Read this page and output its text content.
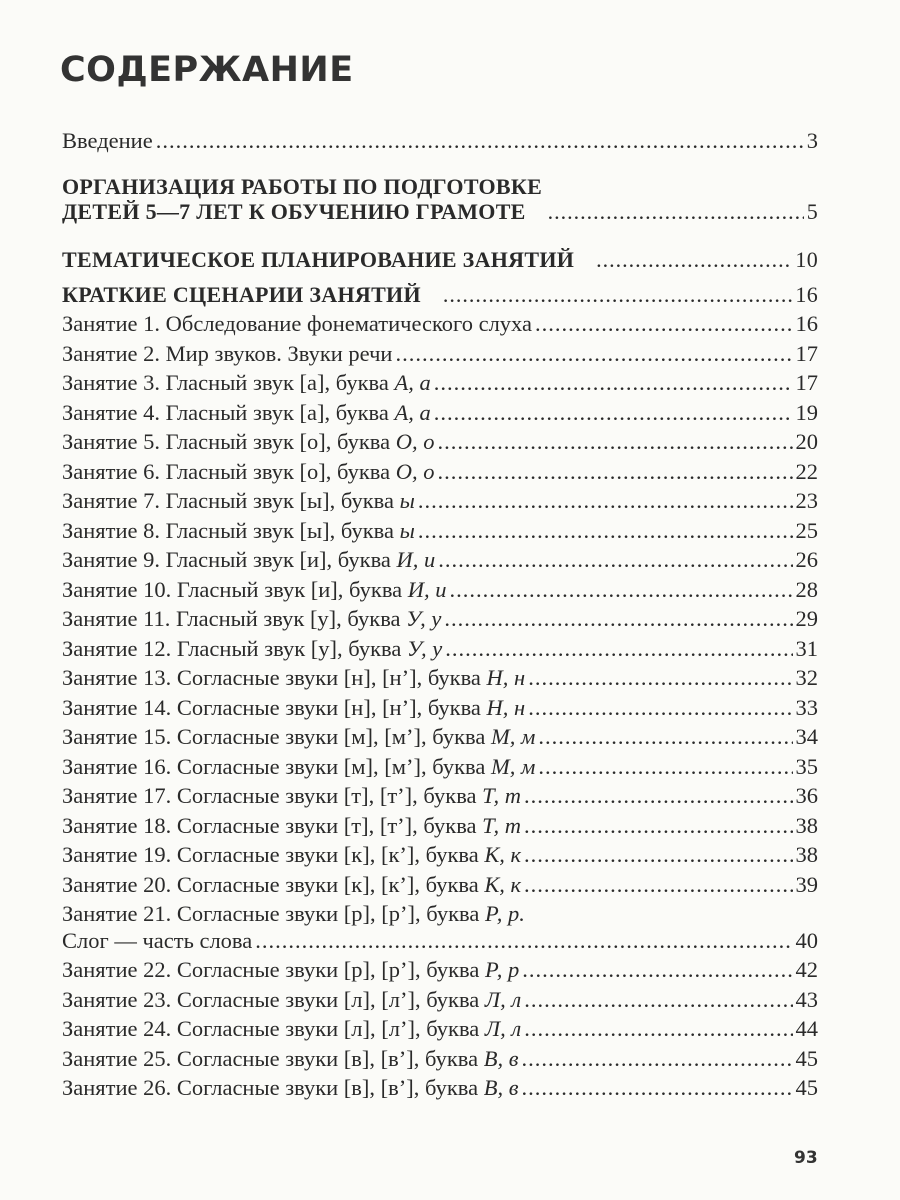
СОДЕРЖАНИЕ
Введение .....	3
ОРГАНИЗАЦИЯ РАБОТЫ ПО ПОДГОТОВКЕ
ДЕТЕЙ 5—7 ЛЕТ К ОБУЧЕНИЮ ГРАМОТЕ .....	5
ТЕМАТИЧЕСКОЕ ПЛАНИРОВАНИЕ ЗАНЯТИЙ .....	10
КРАТКИЕ СЦЕНАРИИ ЗАНЯТИЙ .....	16
Занятие 1. Обследование фонематического слуха .....	16
Занятие 2. Мир звуков. Звуки речи .....	17
Занятие 3. Гласный звук [а], буква А, а .....	17
Занятие 4. Гласный звук [а], буква А, а .....	19
Занятие 5. Гласный звук [о], буква О, о .....	20
Занятие 6. Гласный звук [о], буква О, о .....	22
Занятие 7. Гласный звук [ы], буква ы .....	23
Занятие 8. Гласный звук [ы], буква ы .....	25
Занятие 9. Гласный звук [и], буква И, и .....	26
Занятие 10. Гласный звук [и], буква И, и .....	28
Занятие 11. Гласный звук [у], буква У, у .....	29
Занятие 12. Гласный звук [у], буква У, у .....	31
Занятие 13. Согласные звуки [н], [н’], буква Н, н .....	32
Занятие 14. Согласные звуки [н], [н’], буква Н, н .....	33
Занятие 15. Согласные звуки [м], [м’], буква М, м .....	34
Занятие 16. Согласные звуки [м], [м’], буква М, м .....	35
Занятие 17. Согласные звуки [т], [т’], буква Т, т .....	36
Занятие 18. Согласные звуки [т], [т’], буква Т, т .....	38
Занятие 19. Согласные звуки [к], [к’], буква К, к .....	38
Занятие 20. Согласные звуки [к], [к’], буква К, к .....	39
Занятие 21. Согласные звуки [р], [р’], буква Р, р.
Слог — часть слова .....	40
Занятие 22. Согласные звуки [р], [р’], буква Р, р .....	42
Занятие 23. Согласные звуки [л], [л’], буква Л, л .....	43
Занятие 24. Согласные звуки [л], [л’], буква Л, л .....	44
Занятие 25. Согласные звуки [в], [в’], буква В, в .....	45
Занятие 26. Согласные звуки [в], [в’], буква В, в .....	45
93
